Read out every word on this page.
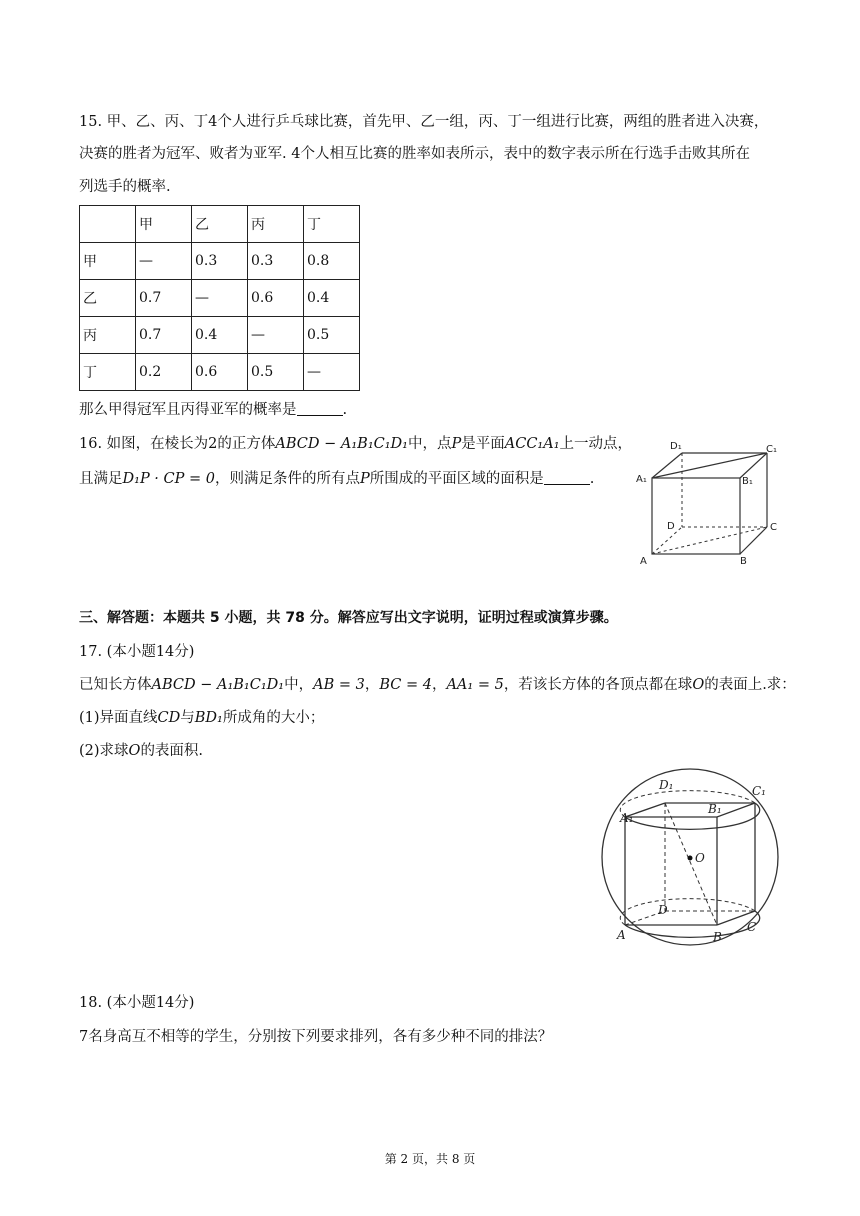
15. 甲、乙、丙、丁4个人进行乒乓球比赛，首先甲、乙一组，丙、丁一组进行比赛，两组的胜者进入决赛，
决赛的胜者为冠军、败者为亚军. 4个人相互比赛的胜率如表所示，表中的数字表示所在行选手击败其所在
列选手的概率.
	甲	乙	丙	丁
甲	—	0.3	0.3	0.8
乙	0.7	—	0.6	0.4
丙	0.7	0.4	—	0.5
丁	0.2	0.6	0.5	—
那么甲得冠军且丙得亚军的概率是	.
16. 如图，在棱长为2的正方体ABCD − A₁B₁C₁D₁中，点P是平面ACC₁A₁上一动点，
且满足D₁P · CP = 0，则满足条件的所有点P所围成的平面区域的面积是	.
A	B
C
D
A₁	B₁
C₁
D₁
三、解答题：本题共 5 小题，共 78 分。解答应写出文字说明，证明过程或演算步骤。
17. (本小题14分)
已知长方体ABCD − A₁B₁C₁D₁中，AB = 3，BC = 4，AA₁ = 5，若该长方体的各顶点都在球O的表面上.求：
(1)异面直线CD与BD₁所成角的大小；
(2)求球O的表面积.
A	B
C
D
A₁
B₁
C₁
D₁
O
18. (本小题14分)
7名身高互不相等的学生，分别按下列要求排列，各有多少种不同的排法？
第 2 页，共 8 页
